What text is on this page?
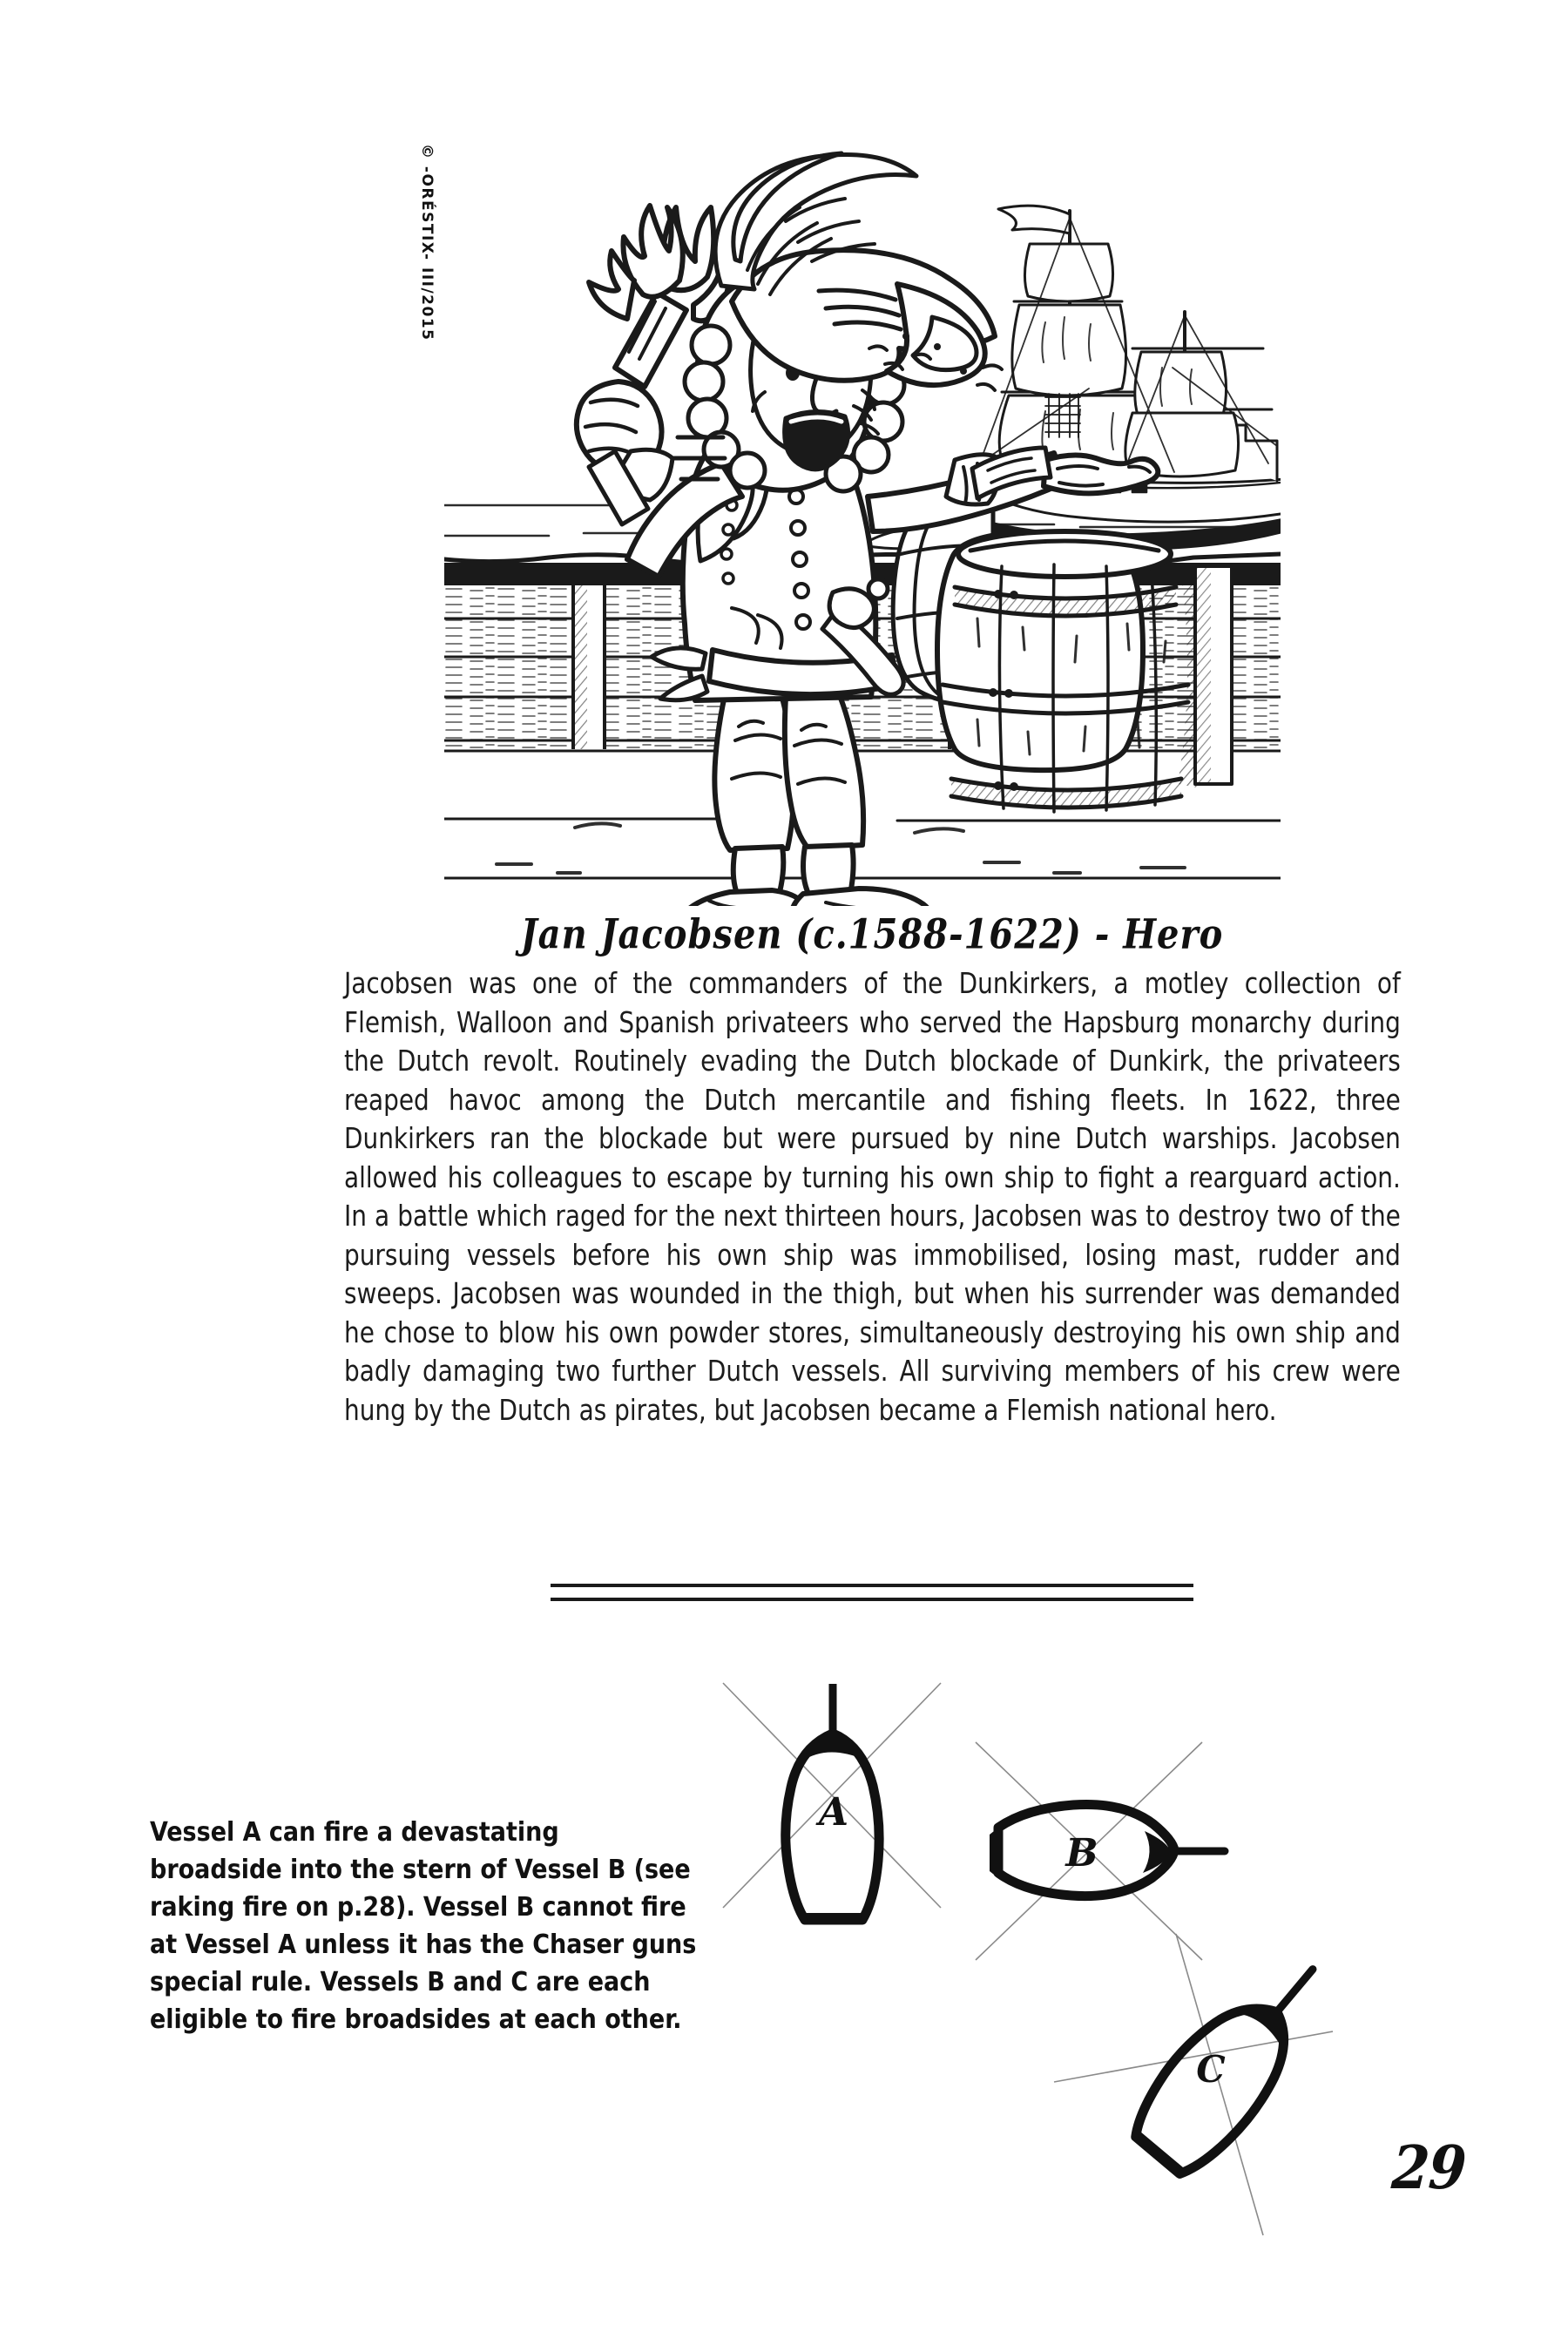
© -ORÉSTIX- III/2015
Jan Jacobsen (c.1588-1622) - Hero

Jacobsen was one of the commanders of the Dunkirkers, a motley collection of Flemish, Walloon and Spanish privateers who served the Hapsburg monarchy during the Dutch revolt. Routinely evading the Dutch blockade of Dunkirk, the privateers reaped havoc among the Dutch mercantile and fishing fleets. In 1622, three Dunkirkers ran the blockade but were pursued by nine Dutch warships. Jacobsen allowed his colleagues to escape by turning his own ship to fight a rearguard action. In a battle which raged for the next thirteen hours, Jacobsen was to destroy two of the pursuing vessels before his own ship was immobilised, losing mast, rudder and sweeps. Jacobsen was wounded in the thigh, but when his surrender was demanded he chose to blow his own powder stores, simultaneously destroying his own ship and badly damaging two further Dutch vessels. All surviving members of his crew were hung by the Dutch as pirates, but Jacobsen became a Flemish national hero.

Vessel A can fire a devastating broadside into the stern of Vessel B (see raking fire on p.28). Vessel B cannot fire at Vessel A unless it has the Chaser guns special rule. Vessels B and C are each eligible to fire broadsides at each other.
A
B
C
29
